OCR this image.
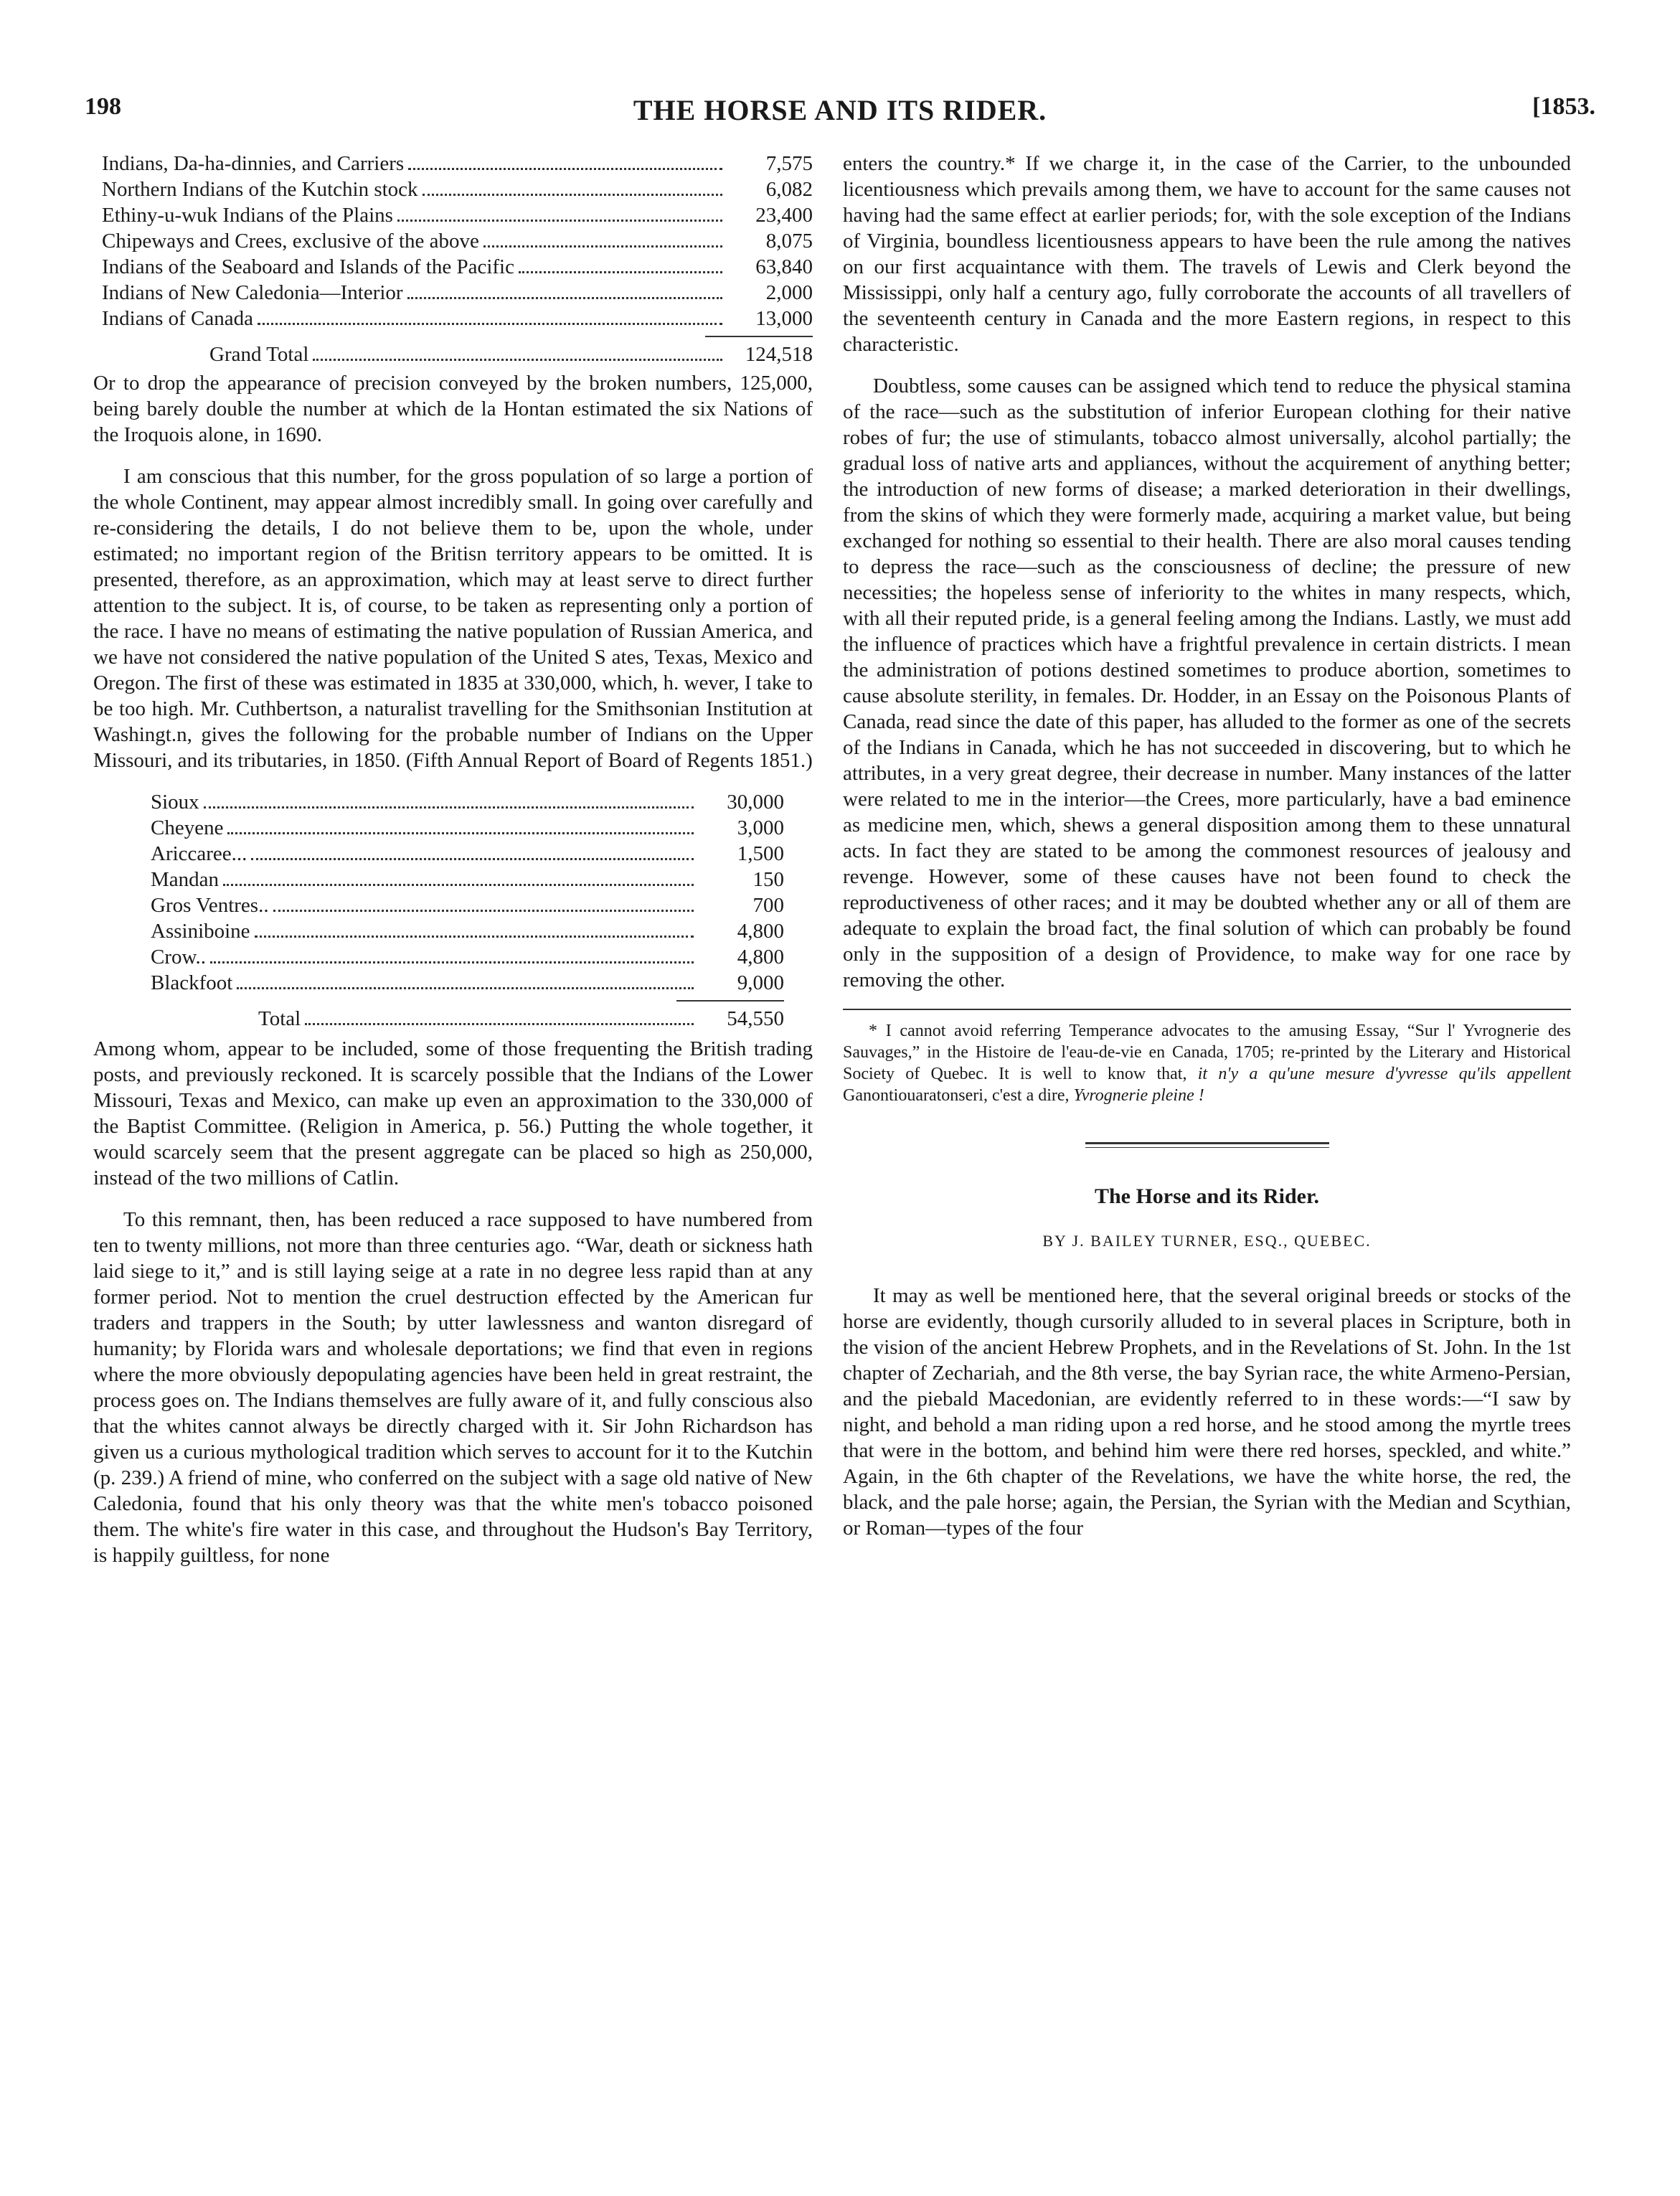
198	THE HORSE AND ITS RIDER.	[1853.
Indians, Da-ha-dinnies, and Carriers	7,575
Northern Indians of the Kutchin stock	6,082
Ethiny-u-wuk Indians of the Plains	23,400
Chipeways and Crees, exclusive of the above	8,075
Indians of the Seaboard and Islands of the Pacific	63,840
Indians of New Caledonia—Interior	2,000
Indians of Canada	13,000
Grand Total	124,518

Or to drop the appearance of precision conveyed by the broken numbers, 125,000, being barely double the number at which de la Hontan estimated the six Nations of the Iroquois alone, in 1690.

I am conscious that this number, for the gross population of so large a portion of the whole Continent, may appear almost incredibly small. In going over carefully and re-considering the details, I do not believe them to be, upon the whole, under estimated; no important region of the Britisn territory appears to be omitted. It is presented, therefore, as an approximation, which may at least serve to direct further attention to the subject. It is, of course, to be taken as representing only a portion of the race. I have no means of estimating the native population of Russian America, and we have not considered the native population of the United S ates, Texas, Mexico and Oregon. The first of these was estimated in 1835 at 330,000, which, h. wever, I take to be too high. Mr. Cuthbertson, a naturalist travelling for the Smithsonian Institution at Washingt.n, gives the following for the probable number of Indians on the Upper Missouri, and its tributaries, in 1850. (Fifth Annual Report of Board of Regents 1851.)

Sioux	30,000
Cheyene	3,000
Ariccaree...	1,500
Mandan	150
Gros Ventres..	700
Assiniboine	4,800
Crow..	4,800
Blackfoot	9,000
Total	54,550

Among whom, appear to be included, some of those frequenting the British trading posts, and previously reckoned. It is scarcely possible that the Indians of the Lower Missouri, Texas and Mexico, can make up even an approximation to the 330,000 of the Baptist Committee. (Religion in America, p. 56.) Putting the whole together, it would scarcely seem that the present aggregate can be placed so high as 250,000, instead of the two millions of Catlin.

To this remnant, then, has been reduced a race supposed to have numbered from ten to twenty millions, not more than three centuries ago. “War, death or sickness hath laid siege to it,” and is still laying seige at a rate in no degree less rapid than at any former period. Not to mention the cruel destruction effected by the American fur traders and trappers in the South; by utter lawlessness and wanton disregard of humanity; by Florida wars and wholesale deportations; we find that even in regions where the more obviously depopulating agencies have been held in great restraint, the process goes on. The Indians themselves are fully aware of it, and fully conscious also that the whites cannot always be directly charged with it. Sir John Richardson has given us a curious mythological tradition which serves to account for it to the Kutchin (p. 239.) A friend of mine, who conferred on the subject with a sage old native of New Caledonia, found that his only theory was that the white men's tobacco poisoned them. The white's fire water in this case, and throughout the Hudson's Bay Territory, is happily guiltless, for none

enters the country.* If we charge it, in the case of the Carrier, to the unbounded licentiousness which prevails among them, we have to account for the same causes not having had the same effect at earlier periods; for, with the sole exception of the Indians of Virginia, boundless licentiousness appears to have been the rule among the natives on our first acquaintance with them. The travels of Lewis and Clerk beyond the Mississippi, only half a century ago, fully corroborate the accounts of all travellers of the seventeenth century in Canada and the more Eastern regions, in respect to this characteristic.

Doubtless, some causes can be assigned which tend to reduce the physical stamina of the race—such as the substitution of inferior European clothing for their native robes of fur; the use of stimulants, tobacco almost universally, alcohol partially; the gradual loss of native arts and appliances, without the acquirement of anything better; the introduction of new forms of disease; a marked deterioration in their dwellings, from the skins of which they were formerly made, acquiring a market value, but being exchanged for nothing so essential to their health. There are also moral causes tending to depress the race—such as the consciousness of decline; the pressure of new necessities; the hopeless sense of inferiority to the whites in many respects, which, with all their reputed pride, is a general feeling among the Indians. Lastly, we must add the influence of practices which have a frightful prevalence in certain districts. I mean the administration of potions destined sometimes to produce abortion, sometimes to cause absolute sterility, in females. Dr. Hodder, in an Essay on the Poisonous Plants of Canada, read since the date of this paper, has alluded to the former as one of the secrets of the Indians in Canada, which he has not succeeded in discovering, but to which he attributes, in a very great degree, their decrease in number. Many instances of the latter were related to me in the interior—the Crees, more particularly, have a bad eminence as medicine men, which, shews a general disposition among them to these unnatural acts. In fact they are stated to be among the commonest resources of jealousy and revenge. However, some of these causes have not been found to check the reproductiveness of other races; and it may be doubted whether any or all of them are adequate to explain the broad fact, the final solution of which can probably be found only in the supposition of a design of Providence, to make way for one race by removing the other.

* I cannot avoid referring Temperance advocates to the amusing Essay, “Sur l' Yvrognerie des Sauvages,” in the Histoire de l'eau-de-vie en Canada, 1705; re-printed by the Literary and Historical Society of Quebec. It is well to know that, it n'y a qu'une mesure d'yvresse qu'ils appellent Ganontiouaratonseri, c'est a dire, Yvrognerie pleine !

The Horse and its Rider.
BY J. BAILEY TURNER, ESQ., QUEBEC.

It may as well be mentioned here, that the several original breeds or stocks of the horse are evidently, though cursorily alluded to in several places in Scripture, both in the vision of the ancient Hebrew Prophets, and in the Revelations of St. John. In the 1st chapter of Zechariah, and the 8th verse, the bay Syrian race, the white Armeno-Persian, and the piebald Macedonian, are evidently referred to in these words:—“I saw by night, and behold a man riding upon a red horse, and he stood among the myrtle trees that were in the bottom, and behind him were there red horses, speckled, and white.” Again, in the 6th chapter of the Revelations, we have the white horse, the red, the black, and the pale horse; again, the Persian, the Syrian with the Median and Scythian, or Roman—types of the four
